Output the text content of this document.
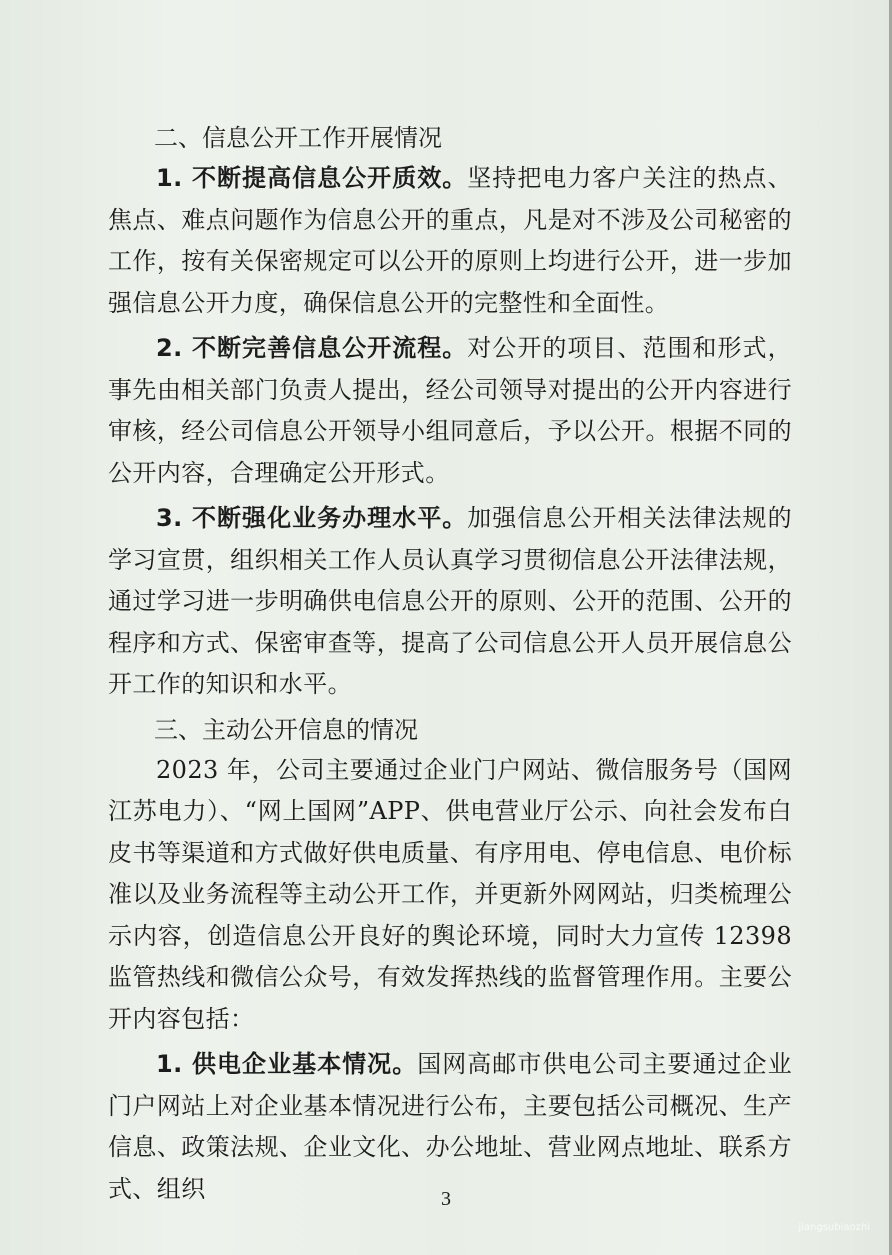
二、信息公开工作开展情况

1. 不断提高信息公开质效。坚持把电力客户关注的热点、焦点、难点问题作为信息公开的重点，凡是对不涉及公司秘密的工作，按有关保密规定可以公开的原则上均进行公开，进一步加强信息公开力度，确保信息公开的完整性和全面性。

2. 不断完善信息公开流程。对公开的项目、范围和形式，事先由相关部门负责人提出，经公司领导对提出的公开内容进行审核，经公司信息公开领导小组同意后，予以公开。根据不同的公开内容，合理确定公开形式。

3. 不断强化业务办理水平。加强信息公开相关法律法规的学习宣贯，组织相关工作人员认真学习贯彻信息公开法律法规，通过学习进一步明确供电信息公开的原则、公开的范围、公开的程序和方式、保密审查等，提高了公司信息公开人员开展信息公开工作的知识和水平。

三、主动公开信息的情况

2023 年，公司主要通过企业门户网站、微信服务号（国网江苏电力）、“网上国网”APP、供电营业厅公示、向社会发布白皮书等渠道和方式做好供电质量、有序用电、停电信息、电价标准以及业务流程等主动公开工作，并更新外网网站，归类梳理公示内容，创造信息公开良好的舆论环境，同时大力宣传 12398 监管热线和微信公众号，有效发挥热线的监督管理作用。主要公开内容包括：

1. 供电企业基本情况。国网高邮市供电公司主要通过企业门户网站上对企业基本情况进行公布，主要包括公司概况、生产信息、政策法规、企业文化、办公地址、营业网点地址、联系方式、组织	3
jiangsubiaozhi
